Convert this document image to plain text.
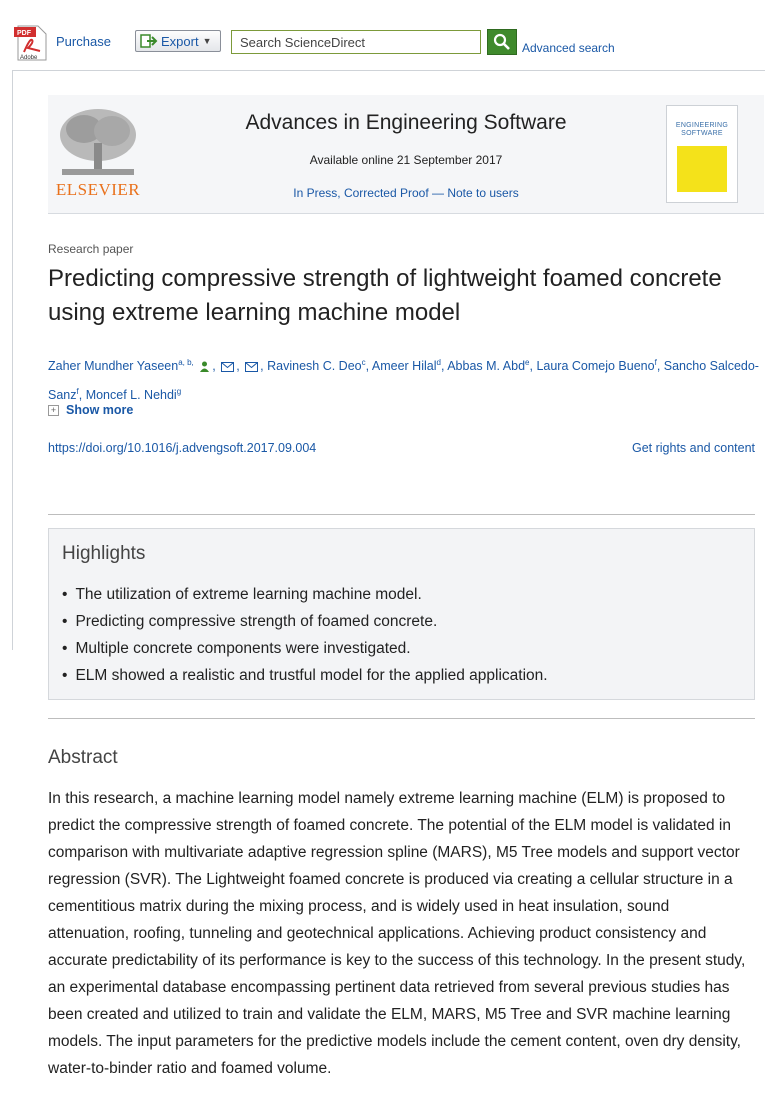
PDF
Adobe
Purchase	Export ▼
Search ScienceDirect	Advanced search
ELSEVIER
Advances in Engineering Software
Available online 21 September 2017
In Press, Corrected Proof — Note to users
ENGINEERING SOFTWARE
Research paper
Predicting compressive strength of lightweight foamed concrete using extreme learning machine model
Zaher Mundher Yaseen$^{a, b,}$ , , , Ravinesh C. Deo$^c$, Ameer Hilal$^d$, Abbas M. Abd$^e$, Laura Comejo Bueno$^f$, Sancho Salcedo-Sanz$^f$, Moncef L. Nehdi$^g$
+ Show more
https://doi.org/10.1016/j.advengsoft.2017.09.004	Get rights and content
Highlights
• The utilization of extreme learning machine model.
• Predicting compressive strength of foamed concrete.
• Multiple concrete components were investigated.
• ELM showed a realistic and trustful model for the applied application.
Abstract
In this research, a machine learning model namely extreme learning machine (ELM) is proposed to predict the compressive strength of foamed concrete. The potential of the ELM model is validated in comparison with multivariate adaptive regression spline (MARS), M5 Tree models and support vector regression (SVR). The Lightweight foamed concrete is produced via creating a cellular structure in a cementitious matrix during the mixing process, and is widely used in heat insulation, sound attenuation, roofing, tunneling and geotechnical applications. Achieving product consistency and accurate predictability of its performance is key to the success of this technology. In the present study, an experimental database encompassing pertinent data retrieved from several previous studies has been created and utilized to train and validate the ELM, MARS, M5 Tree and SVR machine learning models. The input parameters for the predictive models include the cement content, oven dry density, water-to-binder ratio and foamed volume.
